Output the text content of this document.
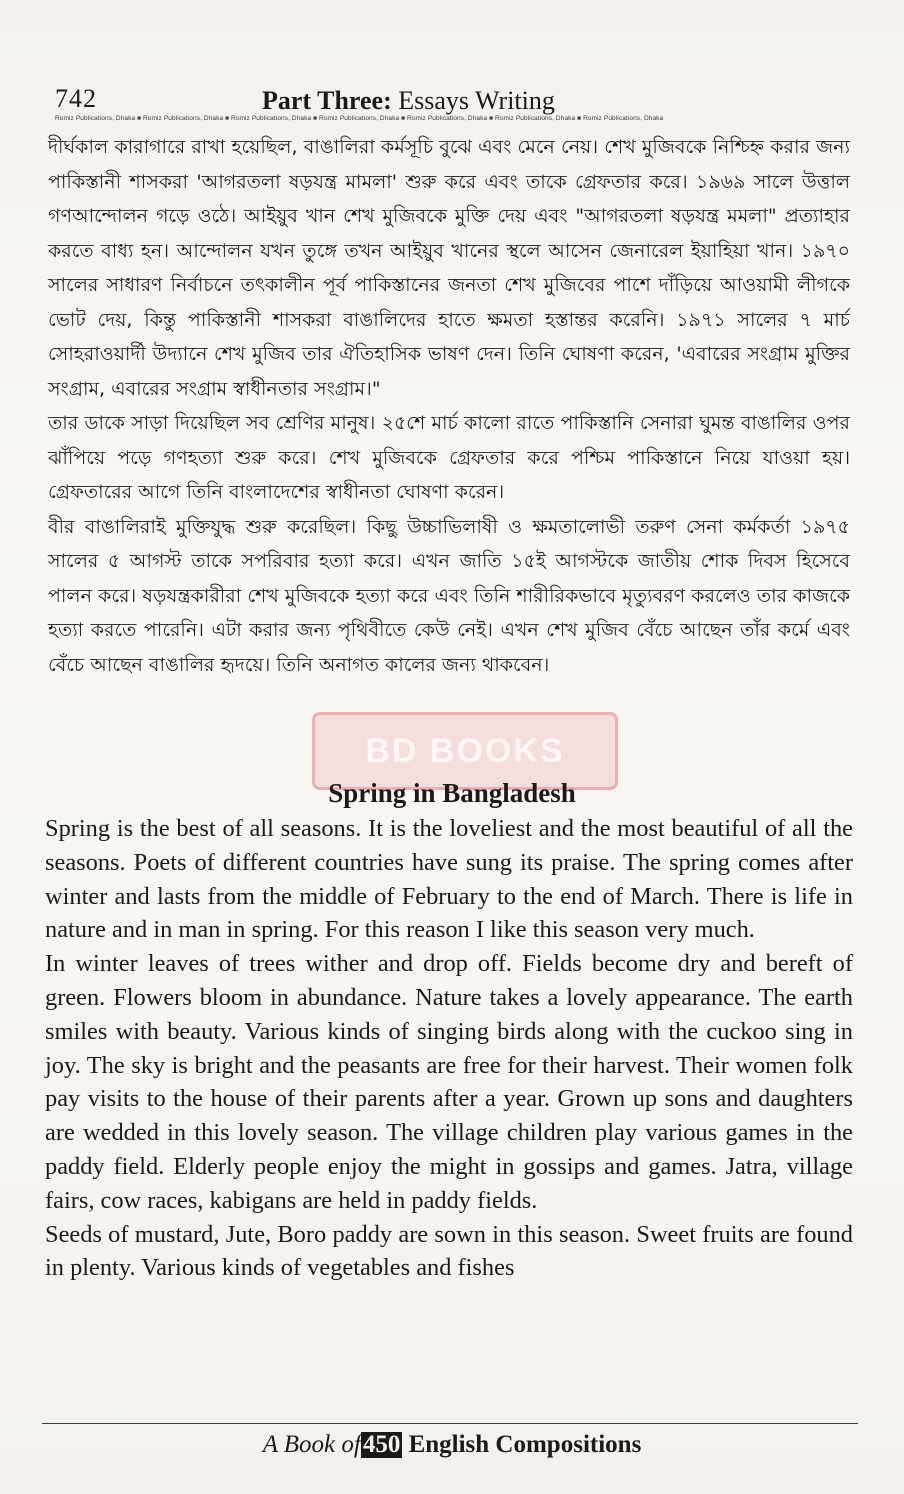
742	Part Three: Essays Writing
Romiz Publications, Dhaka ■ Romiz Publications, Dhaka ■ Romiz Publications, Dhaka ■ Romiz Publications, Dhaka ■ Romiz Publications, Dhaka ■ Romiz Publications, Dhaka ■ Romiz Publications, Dhaka

দীর্ঘকাল কারাগারে রাখা হয়েছিল, বাঙালিরা কর্মসূচি বুঝে এবং মেনে নেয়। শেখ মুজিবকে নিশ্চিহ্ন করার জন্য পাকিস্তানী শাসকরা 'আগরতলা ষড়যন্ত্র মামলা' শুরু করে এবং তাকে গ্রেফতার করে। ১৯৬৯ সালে উত্তাল গণআন্দোলন গড়ে ওঠে। আইয়ুব খান শেখ মুজিবকে মুক্তি দেয় এবং "আগরতলা ষড়যন্ত্র মমলা" প্রত্যাহার করতে বাধ্য হন। আন্দোলন যখন তুঙ্গে তখন আইয়ুব খানের স্থলে আসেন জেনারেল ইয়াহিয়া খান। ১৯৭০ সালের সাধারণ নির্বাচনে তৎকালীন পূর্ব পাকিস্তানের জনতা শেখ মুজিবের পাশে দাঁড়িয়ে আওয়ামী লীগকে ভোট দেয়, কিন্তু পাকিস্তানী শাসকরা বাঙালিদের হাতে ক্ষমতা হস্তান্তর করেনি। ১৯৭১ সালের ৭ মার্চ সোহরাওয়ার্দী উদ্যানে শেখ মুজিব তার ঐতিহাসিক ভাষণ দেন। তিনি ঘোষণা করেন, 'এবারের সংগ্রাম মুক্তির সংগ্রাম, এবারের সংগ্রাম স্বাধীনতার সংগ্রাম।"

তার ডাকে সাড়া দিয়েছিল সব শ্রেণির মানুষ। ২৫শে মার্চ কালো রাতে পাকিস্তানি সেনারা ঘুমন্ত বাঙালির ওপর ঝাঁপিয়ে পড়ে গণহত্যা শুরু করে। শেখ মুজিবকে গ্রেফতার করে পশ্চিম পাকিস্তানে নিয়ে যাওয়া হয়। গ্রেফতারের আগে তিনি বাংলাদেশের স্বাধীনতা ঘোষণা করেন।

বীর বাঙালিরাই মুক্তিযুদ্ধ শুরু করেছিল। কিছু উচ্চাভিলাষী ও ক্ষমতালোভী তরুণ সেনা কর্মকর্তা ১৯৭৫ সালের ৫ আগস্ট তাকে সপরিবার হত্যা করে। এখন জাতি ১৫ই আগস্টকে জাতীয় শোক দিবস হিসেবে পালন করে। ষড়যন্ত্রকারীরা শেখ মুজিবকে হত্যা করে এবং তিনি শারীরিকভাবে মৃত্যুবরণ করলেও তার কাজকে হত্যা করতে পারেনি। এটা করার জন্য পৃথিবীতে কেউ নেই। এখন শেখ মুজিব বেঁচে আছেন তাঁর কর্মে এবং বেঁচে আছেন বাঙালির হৃদয়ে। তিনি অনাগত কালের জন্য থাকবেন।

BD BOOKS
Spring in Bangladesh

Spring is the best of all seasons. It is the loveliest and the most beautiful of all the seasons. Poets of different countries have sung its praise. The spring comes after winter and lasts from the middle of February to the end of March. There is life in nature and in man in spring. For this reason I like this season very much.

In winter leaves of trees wither and drop off. Fields become dry and bereft of green. Flowers bloom in abundance. Nature takes a lovely appearance. The earth smiles with beauty. Various kinds of singing birds along with the cuckoo sing in joy. The sky is bright and the peasants are free for their harvest. Their women folk pay visits to the house of their parents after a year. Grown up sons and daughters are wedded in this lovely season. The village children play various games in the paddy field. Elderly people enjoy the might in gossips and games. Jatra, village fairs, cow races, kabigans are held in paddy fields.

Seeds of mustard, Jute, Boro paddy are sown in this season. Sweet fruits are found in plenty. Various kinds of vegetables and fishes

A Book of450 English Compositions
